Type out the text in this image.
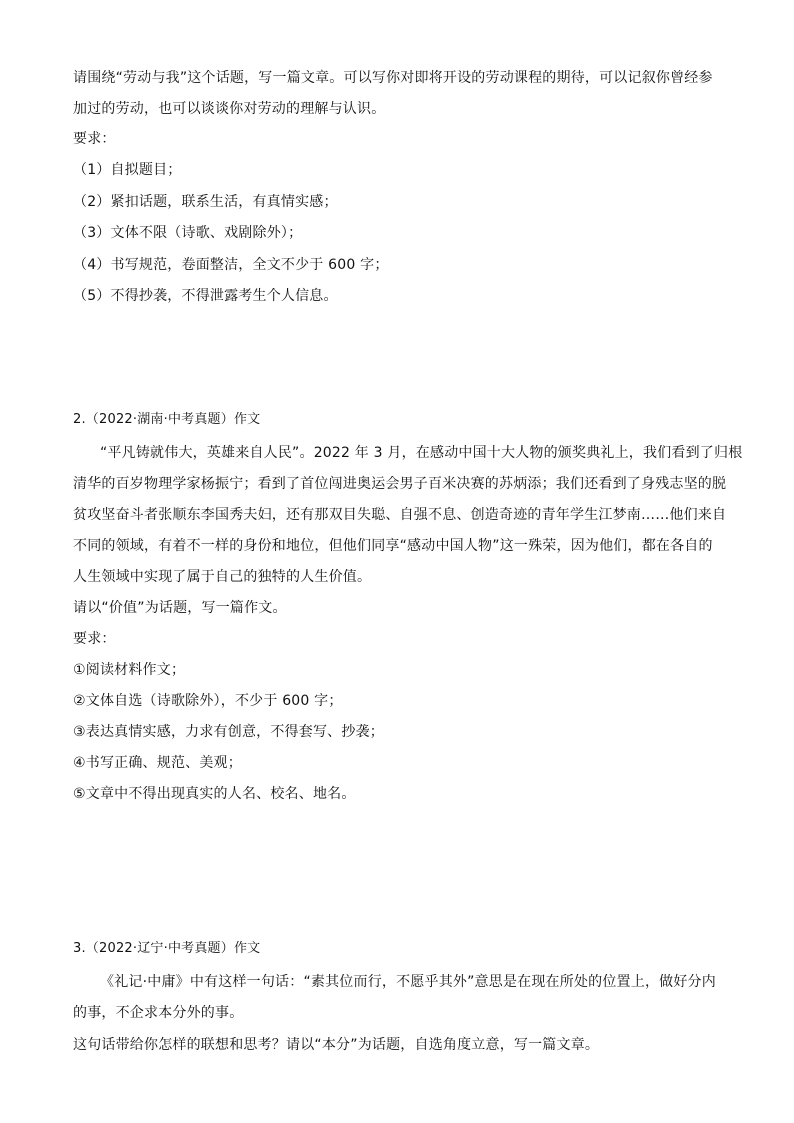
请围绕“劳动与我”这个话题，写一篇文章。可以写你对即将开设的劳动课程的期待，可以记叙你曾经参
加过的劳动，也可以谈谈你对劳动的理解与认识。
要求：
（1）自拟题目；
（2）紧扣话题，联系生活，有真情实感；
（3）文体不限（诗歌、戏剧除外）；
（4）书写规范，卷面整洁，全文不少于 600 字；
（5）不得抄袭，不得泄露考生个人信息。
2.（2022·湖南·中考真题）作文
“平凡铸就伟大，英雄来自人民”。2022 年 3 月，在感动中国十大人物的颁奖典礼上，我们看到了归根
清华的百岁物理学家杨振宁；看到了首位闯进奥运会男子百米决赛的苏炳添；我们还看到了身残志坚的脱
贫攻坚奋斗者张顺东李国秀夫妇，还有那双目失聪、自强不息、创造奇迹的青年学生江梦南……他们来自
不同的领域，有着不一样的身份和地位，但他们同享“感动中国人物”这一殊荣，因为他们，都在各自的
人生领域中实现了属于自己的独特的人生价值。
请以“价值”为话题，写一篇作文。
要求：
①阅读材料作文；
②文体自选（诗歌除外），不少于 600 字；
③表达真情实感，力求有创意，不得套写、抄袭；
④书写正确、规范、美观；
⑤文章中不得出现真实的人名、校名、地名。
3.（2022·辽宁·中考真题）作文
《礼记·中庸》中有这样一句话：“素其位而行，不愿乎其外”意思是在现在所处的位置上，做好分内
的事，不企求本分外的事。
这句话带给你怎样的联想和思考？请以“本分”为话题，自选角度立意，写一篇文章。
